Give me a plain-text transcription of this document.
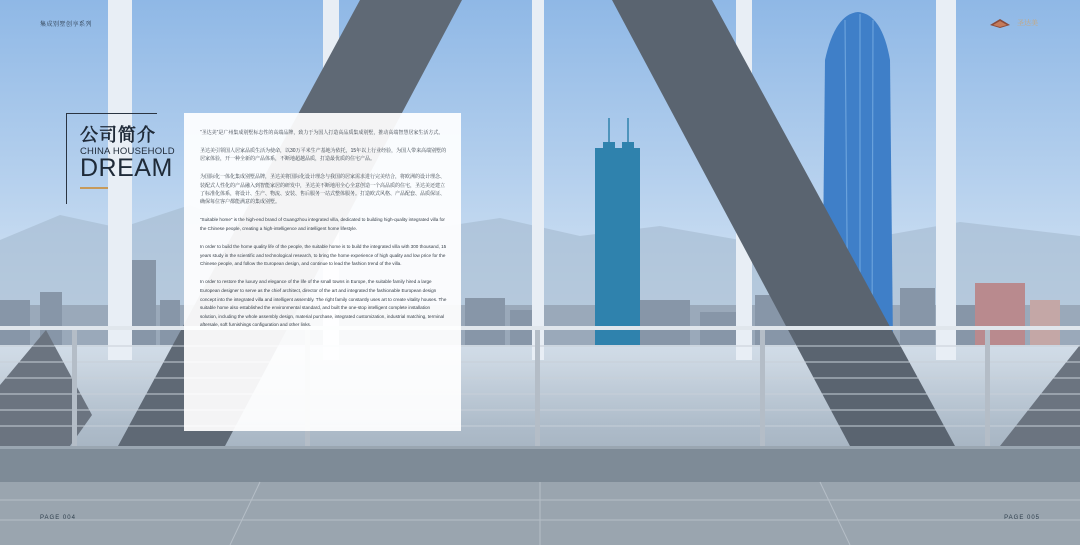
集成别墅创享系列	圣达美
公司简介
CHINA HOUSEHOLD
DREAM

“圣达美”是广州集成别墅标志性的高端品牌，致力于为国人打造高品质集成别墅，推动高端智慧居家生活方式。

圣达美引领国人居家品质生活为使命，以30万平米生产基地为依托，15年以上行业经验，为国人带来高端别墅的居家体验，开一种全新的产品体系，不断地超越品质，打造最优质的住宅产品。

为国际化一体化集成别墅品牌，圣达美将国际化设计理念与我国的居家需求进行完美结合，将欧洲的设计理念、装配式人性化的产品融入到智能家居的研发中，圣达美不断地用全心全意创造一个高品质的住宅，圣达美还建立了标准化体系，将设计、生产、物流、安装、售后服务一站式整体服务。打造欧式风格、产品配套、品质保证、确保每位客户都能满意的集成别墅。

“Suitable home” is the high-end brand of Guangzhou integrated villa, dedicated to building high-quality integrated villa for the Chinese people, creating a high-intelligence and intelligent home lifestyle.

In order to build the home quality life of the people, the suitable home is to build the integrated villa with 300 thousand, 15 years study in the scientific and technological research, to bring the home experience of high quality and low price for the Chinese people, and follow the European design, and continue to lead the fashion trend of the villa.

In order to restore the luxury and elegance of the life of the small towns in Europe, the suitable family hired a large European designer to serve as the chief architect, director of the art and integrated the fashionable European design concept into the integrated villa and intelligent assembly. The right family constantly uses art to create vitality houses. The suitable home also established the environmental standard, and built the one-stop intelligent complete installation solution, including the whole assembly design, material purchase, integrated customization, industrial matching, terminal aftersale, soft furnishings configuration and other links.

PAGE 004	PAGE 005
